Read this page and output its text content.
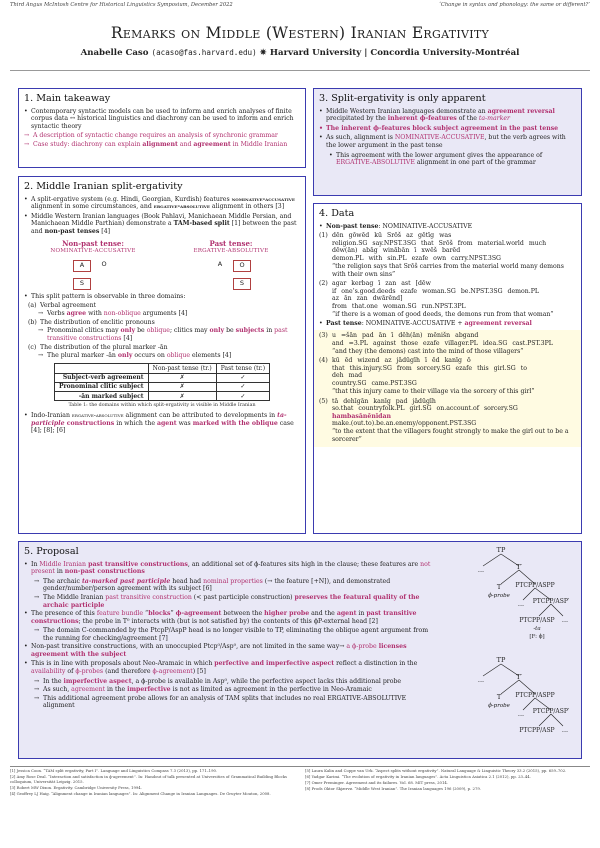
Third Angus McIntosh Centre for Historical Linguistics Symposium, December 2022	‘Change in syntax and phonology: the same or different?’
Remarks on Middle (Western) Iranian Ergativity
Anabelle Caso (acaso@fas.harvard.edu) ✷ Harvard University | Concordia University-Montréal
1. Main takeaway
• Contemporary syntactic models can be used to inform and enrich analyses of finite corpus data ↔ historical linguistics and diachrony can be used to inform and enrich syntactic theory
→ A description of syntactic change requires an analysis of synchronic grammar
→ Case study: diachrony can explain alignment and agreement in Middle Iranian
2. Middle Iranian split-ergativity
• A split-ergative system (e.g. Hindi, Georgian, Kurdish) features nominative-accusative alignment in some circumstances, and ergative-absolutive alignment in others [3]
• Middle Western Iranian languages (Book Pahlavi, Manichaean Middle Persian, and Manichaean Middle Parthian) demonstrate a TAM-based split [1] between the past and non-past tenses [4]
Non-past tense:
NOMINATIVE-ACCUSATIVE
A	O
S
Past tense:
ERGATIVE-ABSOLUTIVE
A	O
S
• This split pattern is observable in three domains:
(a) Verbal agreement
→ Verbs agree with non-oblique arguments [4]
(b) The distribution of enclitic pronouns
→ Pronominal clitics may only be oblique; clitics may only be subjects in past transitive constructions [4]
(c) The distribution of the plural marker -ān
→ The plural marker -ān only occurs on oblique elements [4]
	Non-past tense (tr.)	Past tense (tr.)
Subject-verb agreement	✗	✓
Pronominal clitic subject	✗	✓
-ān marked subject	✗	✓
Table 1: the domains within which split-ergativity is visible in Middle Iranian
• Indo-Iranian ergative-absolutive alignment can be attributed to developments in ta-participle constructions in which the agent was marked with the oblique case [4]; [8]; [6]
3. Split-ergativity is only apparent
• Middle Western Iranian languages demonstrate an agreement reversal precipitated by the inherent ϕ-features of the ta-marker
• The inherent ϕ-features block subject agreement in the past tense
• As such, alignment is NOMINATIVE-ACCUSATIVE, but the verb agrees with the lower argument in the past tense
• This agreement with the lower argument gives the appearance of ERGATIVE-ABSOLUTIVE alignment in one part of the grammar
4. Data
• Non-past tense: NOMINATIVE-ACCUSATIVE
(1) dēn gōwēd kū Srōš az gētīg was
religion.SG say.NPST.3SG that Srōš from material.world much
dēw(ān) abāg winābān ī xwēš barēd
demon.PL with sin.PL ezafe own carry.NPST.3SG
“the religion says that Srōš carries from the material world many demons with their own sins”
(2) agar kerbag ī zan ast [dēw
if one’s.good.deeds ezafe woman.SG be.NPST.3SG demon.PL
az ān zan dwārēnd]
from that.one woman.SG run.NPST.3PL
“if there is a woman of good deeds, the demons run from that woman”
• Past tense: NOMINATIVE-ACCUSATIVE + agreement reversal
(3) u =šān pad ān ī dēh(ān) mēnišn abgand
and =3.PL against those ezafe villager.PL idea.SG cast.PST.3PL
“and they (the demons) cast into the mind of those villagers”
(4) kū ēd wizend az jādūgīh ī ēd kanīg ō
that this.injury.SG from sorcery.SG ezafe this girl.SG to
deh mad
country.SG came.PST.3SG
“that this injury came to their village via the sorcery of this girl”
(5) tā dehīgān kanīg pad jādūgīh
so.that countryfolk.PL girl.SG on.account.of sorcery.SG
hambasānēnīdan
make.(out.to).be.an.enemy/opponent.PST.3SG
“to the extent that the villagers fought strongly to make the girl out to be a sorcerer”
5. Proposal
• In Middle Iranian past transitive constructions, an additional set of ϕ-features sits high in the clause; these features are not present in non-past constructions
→ The archaic ta-marked past participle head had nominal properties (→ the feature [+N]), and demonstrated gender/number/person agreement with its subject [6]
→ The Middle Iranian past transitive construction (< past participle construction) preserves the featural quality of the archaic participle
• The presence of this feature bundle “blocks” ϕ-agreement between the higher probe and the agent in past transitive constructions; the probe in T⁰ interacts with (but is not satisfied by) the contents of this ϕP-external head [2]
→ The domain C-commanded by the PtcpP/AspP head is no longer visible to TP, eliminating the oblique agent argument from the running for checking/agreement [7]
• Non-past transitive constructions, with an unoccupied Ptcp⁰/Asp⁰, are not limited in the same way→ a ϕ-probe licenses agreement with the subject
• This is in line with proposals about Neo-Aramaic in which perfective and imperfective aspect reflect a distinction in the availability of ϕ-probes (and therefore ϕ-agreement) [5]
→ In the imperfective aspect, a ϕ-probe is available in Asp⁰, while the perfective aspect lacks this additional probe
→ As such, agreement in the imperfective is not as limited as agreement in the perfective in Neo-Aramaic
→ This additional agreement probe allows for an analysis of TAM splits that includes no real ERGATIVE-ABSOLUTIVE alignment
TP
...	T′
T
ϕ-probe
PTCPP/ASPP
... PTCPP/ASP′
PTCPP/ASP
-ta
[F: ϕ]
...
TP
...	T′
T
ϕ-probe
PTCPP/ASPP
... PTCPP/ASP′
PTCPP/ASP ...

[1] Jessica Coon. “TAM split ergativity, Part I”. Language and Linguistics Compass 7.3 (2013), pp. 171–190.

[2] Amy Rose Deal. “Interaction and satisfaction in ϕ-agreement”. In: Handout of talk presented at Universities of Grammatical Building Blocks colloquium, Universität Leipzig. 2015.

[3] Robert MW Dixon. Ergativity. Cambridge University Press, 1994.

[4] Geoffrey LJ Haig. “Alignment change in Iranian languages”. In: Alignment Change in Iranian Languages. De Gruyter Mouton, 2008.

[5] Laura Kalin and Coppe van Urk. “Aspect splits without ergativity”. Natural Language & Linguistic Theory 33.2 (2015), pp. 659–702.

[6] Yadgar Karimi. “The evolution of ergativity in Iranian languages”. Acta Linguistica Asiatica 2.1 (2012), pp. 23–44.

[7] Omer Preminger. Agreement and its failures. Vol. 68. MIT press, 2014.

[8] Prods Oktor Skjærvø. “Middle West Iranian”. The Iranian languages 196 (2009), p. 279.
